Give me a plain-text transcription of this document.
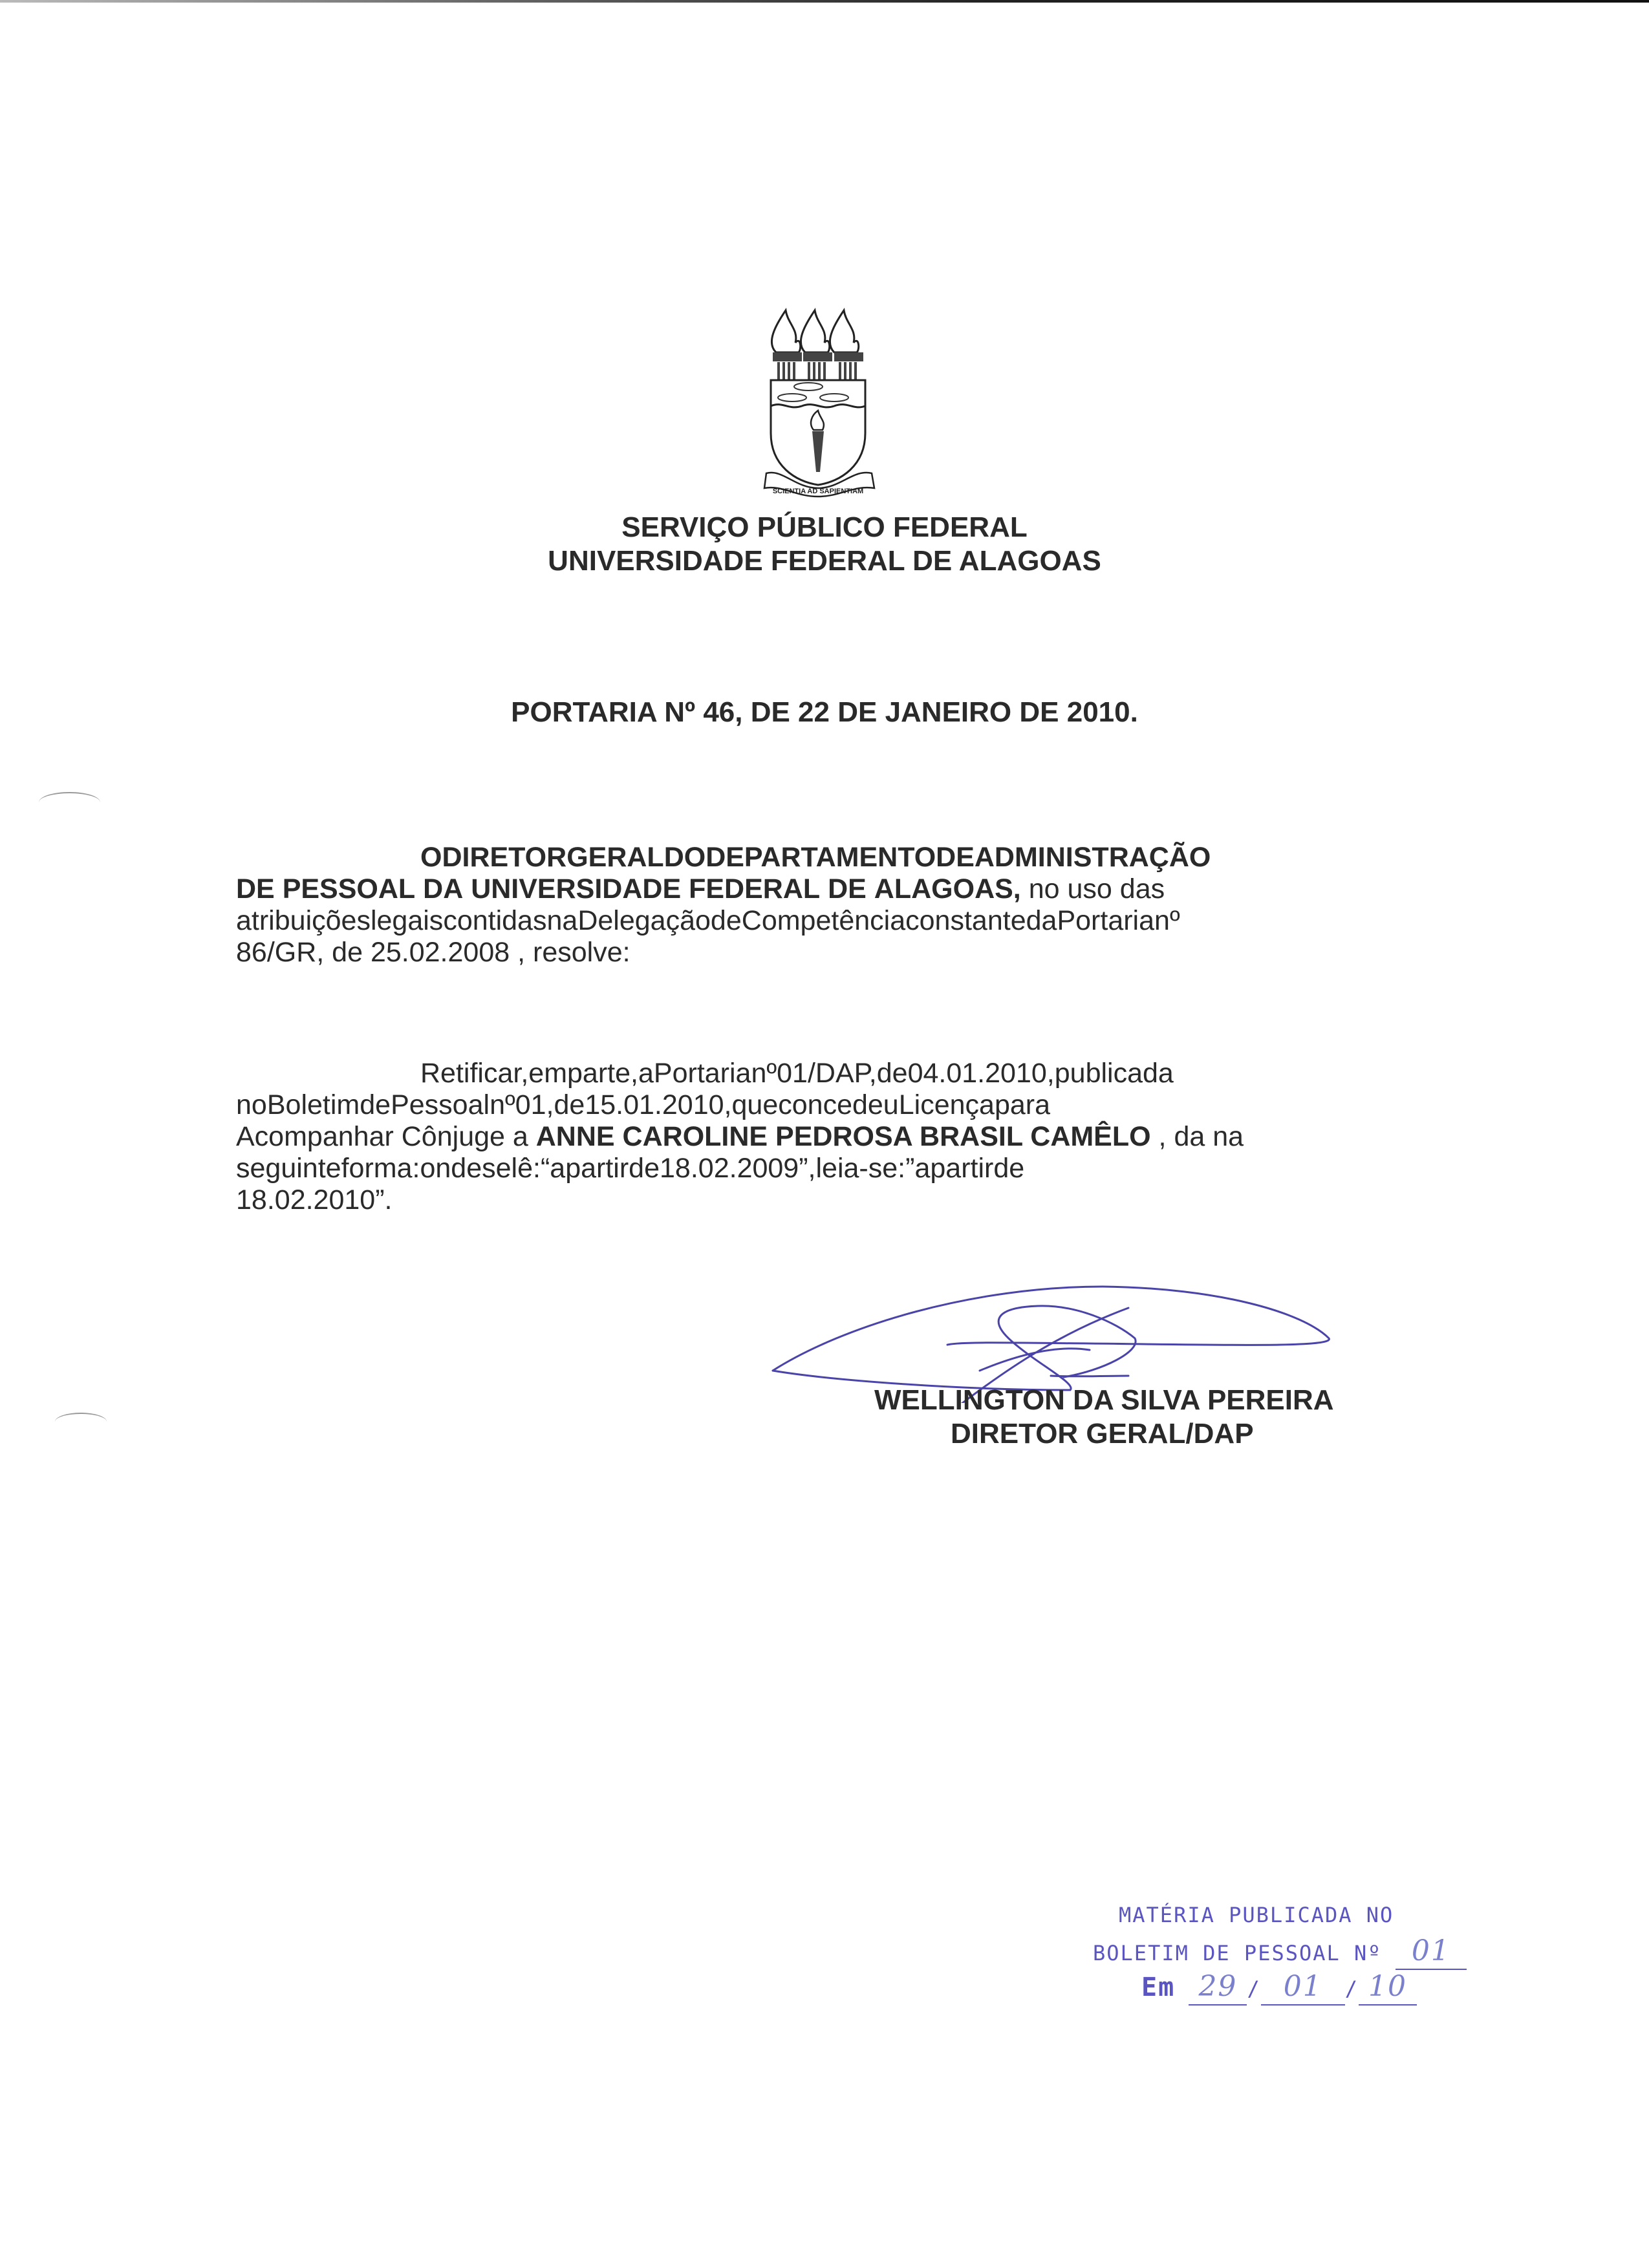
SCIENTIA AD SAPIENTIAM
SERVIÇO PÚBLICO FEDERAL
UNIVERSIDADE FEDERAL DE ALAGOAS
PORTARIA Nº 46, DE 22 DE JANEIRO DE 2010.
ODIRETORGERALDODEPARTAMENTODEADMINISTRAÇÃO
DE PESSOAL DA UNIVERSIDADE FEDERAL DE ALAGOAS, no uso das
atribuiçõeslegaiscontidasnaDelegaçãodeCompetênciaconstantedaPortarianº
86/GR, de 25.02.2008 , resolve:
Retificar,emparte,aPortarianº01/DAP,de04.01.2010,publicada
noBoletimdePessoalnº01,de15.01.2010,queconcedeuLicençapara
Acompanhar Cônjuge a ANNE CAROLINE PEDROSA BRASIL CAMÊLO , da na
seguinteforma:ondeselê:“apartirde18.02.2009”,leia-se:”apartirde
18.02.2010”.
WELLINGTON DA SILVA PEREIRA
DIRETOR GERAL/DAP
MATÉRIA PUBLICADA NO
BOLETIM DE PESSOAL Nº 01
Em 29 / 01 / 10
